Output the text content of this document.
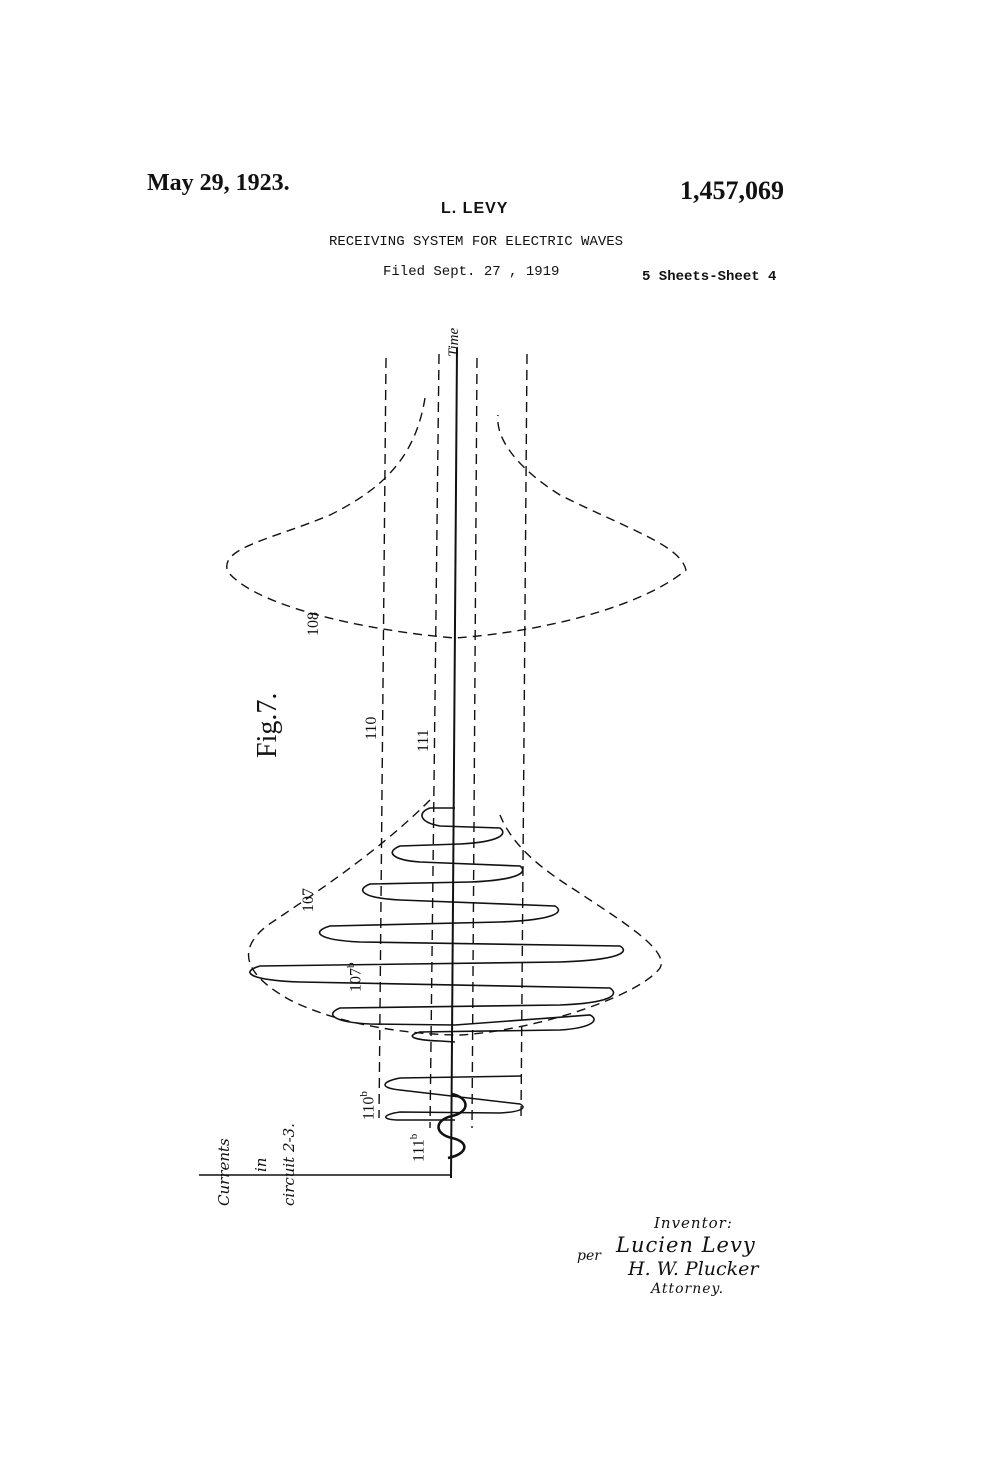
May 29, 1923.	1,457,069
L. LEVY
RECEIVING SYSTEM FOR ELECTRIC WAVES
Filed Sept. 27 , 1919	5 Sheets-Sheet 4
Fig.7.
Time
108
110
111
107
107$^b$
110$^b$
111$^b$
Currents in circuit 2-3.
Inventor:
Lucien Levy
per
H. W. Plucker
Attorney.
